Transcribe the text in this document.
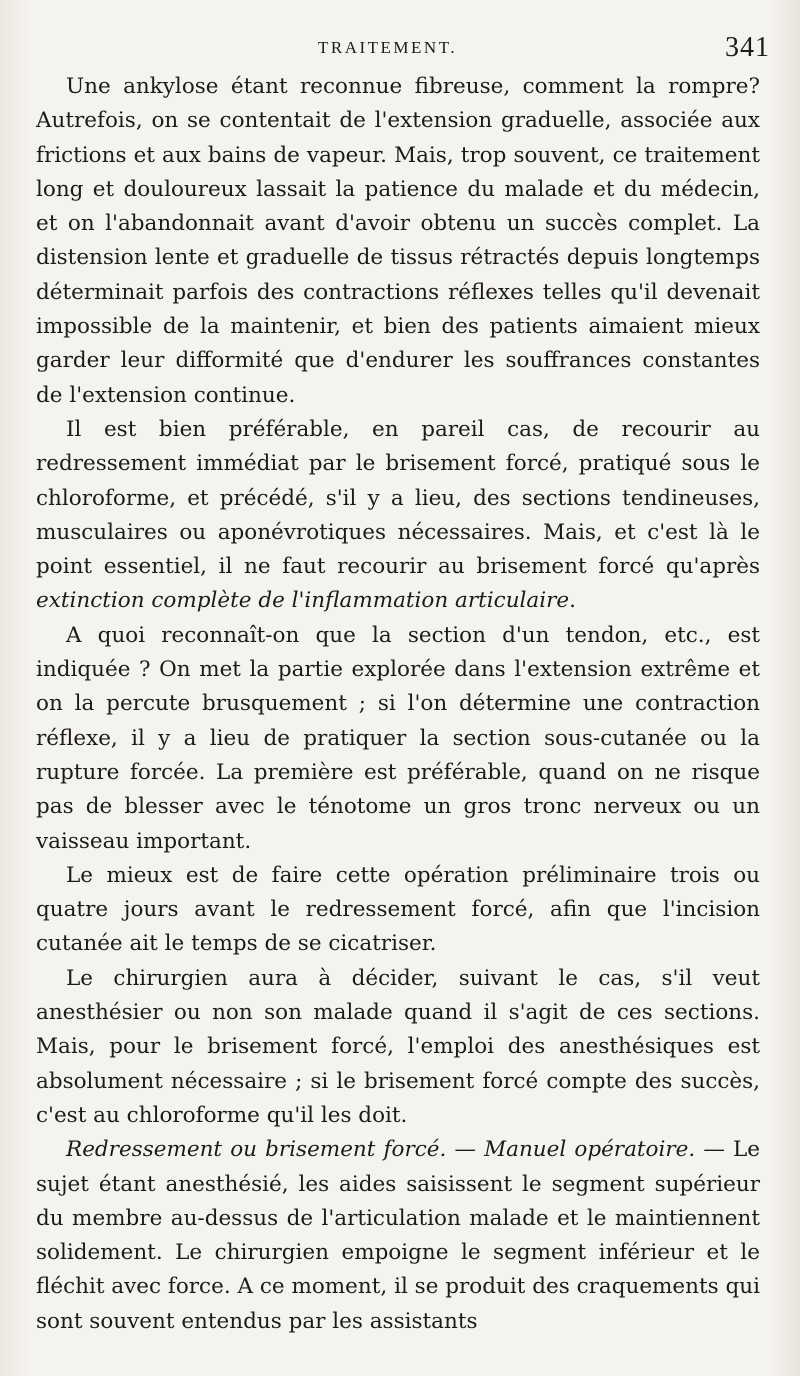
TRAITEMENT.	341

Une ankylose étant reconnue fibreuse, comment la rompre? Autrefois, on se contentait de l'extension graduelle, associée aux frictions et aux bains de vapeur. Mais, trop souvent, ce traitement long et douloureux lassait la patience du malade et du médecin, et on l'abandonnait avant d'avoir obtenu un succès complet. La distension lente et graduelle de tissus rétractés depuis longtemps déterminait parfois des contractions réflexes telles qu'il devenait impossible de la maintenir, et bien des patients aimaient mieux garder leur difformité que d'endurer les souffrances constantes de l'extension continue.

Il est bien préférable, en pareil cas, de recourir au redressement immédiat par le brisement forcé, pratiqué sous le chloroforme, et précédé, s'il y a lieu, des sections tendineuses, musculaires ou aponévrotiques nécessaires. Mais, et c'est là le point essentiel, il ne faut recourir au brisement forcé qu'après extinction complète de l'inflammation articulaire.

A quoi reconnaît-on que la section d'un tendon, etc., est indiquée ? On met la partie explorée dans l'extension extrême et on la percute brusquement ; si l'on détermine une contraction réflexe, il y a lieu de pratiquer la section sous-cutanée ou la rupture forcée. La première est préférable, quand on ne risque pas de blesser avec le ténotome un gros tronc nerveux ou un vaisseau important.

Le mieux est de faire cette opération préliminaire trois ou quatre jours avant le redressement forcé, afin que l'incision cutanée ait le temps de se cicatriser.

Le chirurgien aura à décider, suivant le cas, s'il veut anesthésier ou non son malade quand il s'agit de ces sections. Mais, pour le brisement forcé, l'emploi des anesthésiques est absolument nécessaire ; si le brisement forcé compte des succès, c'est au chloroforme qu'il les doit.

Redressement ou brisement forcé. — Manuel opératoire. — Le sujet étant anesthésié, les aides saisissent le segment supérieur du membre au-dessus de l'articulation malade et le maintiennent solidement. Le chirurgien empoigne le segment inférieur et le fléchit avec force. A ce moment, il se produit des craquements qui sont souvent entendus par les assistants
